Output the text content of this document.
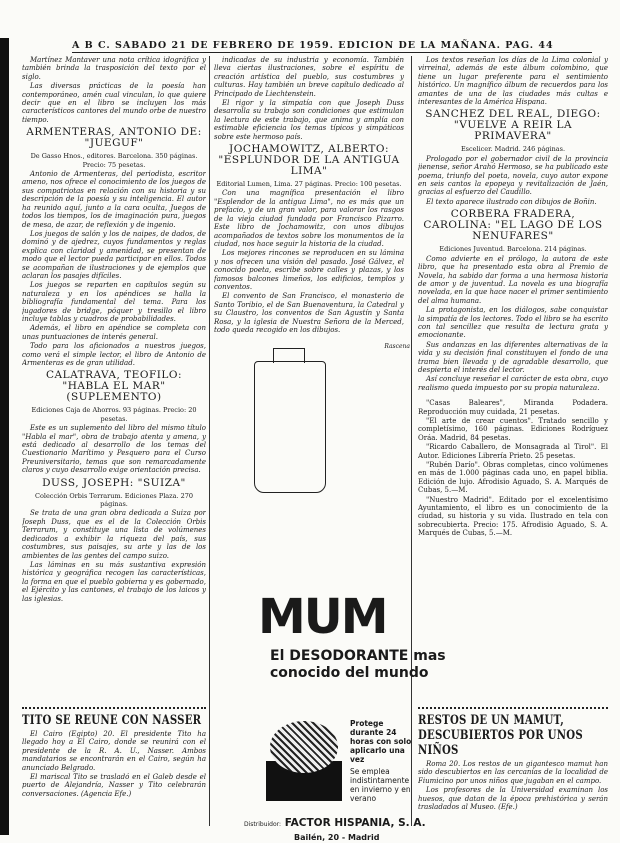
A B C. SABADO 21 DE FEBRERO DE 1959. EDICION DE LA MAÑANA. PAG. 44

Martínez Mantaver una nota crítica idográfica y también brinda la trasposición del texto por el siglo.

Las diversas prácticas de la poesía han contemporáneo, amén cual vinculan, lo que quiere decir que en el libro se incluyen los más característicos cantores del mundo orbe de nuestro tiempo.

ARMENTERAS, ANTONIO DE: "JUEGUF"

De Gasso Hnos., editores. Barcelona. 350 páginas. Precio: 75 pesetas.

Antonio de Armenteras, del periodista, escritor ameno, nos ofrece el conocimiento de los juegos de sus compatriotas en relación con su historia y su descripción de la poesía y su inteligencia. El autor ha reunido aquí, junto a la cara oculta, Juegos de todos los tiempos, los de imaginación pura, juegos de mesa, de azar, de reflexión y de ingenio.

Los juegos de salón y los de naipes, de dados, de dominó y de ajedrez, cuyos fundamentos y reglas explica con claridad y amenidad, se presentan de modo que el lector pueda participar en ellos. Todos se acompañan de ilustraciones y de ejemplos que aclaran los pasajes difíciles.

Los juegos se reparten en capítulos según su naturaleza y en los apéndices se halla la bibliografía fundamental del tema. Para los jugadores de bridge, póquer y tresillo el libro incluye tablas y cuadros de probabilidades.

Además, el libro en apéndice se completa con unas puntuaciones de interés general.

Todo para los aficionados a nuestros juegos, como verá el simple lector, el libro de Antonio de Armenteras es de gran utilidad.

CALATRAVA, TEOFILO: "HABLA EL MAR" (SUPLEMENTO)

Ediciones Caja de Ahorros. 93 páginas. Precio: 20 pesetas.

Este es un suplemento del libro del mismo título "Habla el mar", obra de trabajo atenta y amena, y está dedicado al desarrollo de los temas del Cuestionario Marítimo y Pesquero para el Curso Preuniversitario, temas que son remarcadamente claros y cuyo desarrollo exige orientación precisa.

DUSS, JOSEPH: "SUIZA"

Colección Orbis Terrarum. Ediciones Plaza. 270 páginas.

Se trata de una gran obra dedicada a Suiza por Joseph Duss, que es el de la Colección Orbis Terrarum, y constituye una lista de volúmenes dedicados a exhibir la riqueza del país, sus costumbres, sus paisajes, su arte y las de los ambientes de las gentes del campo suizo.

Las láminas en su más sustantiva expresión histórica y geográfica recogen las características, la forma en que el pueblo gobierna y es gobernado, el Ejército y las cantones, el trabajo de los laicos y las iglesias.

TITO SE REUNE CON NASSER

El Cairo (Egipto) 20. El presidente Tito ha llegado hoy a El Cairo, donde se reunirá con el presidente de la R. A. U., Nasser. Ambos mandatarios se encontrarán en el Cairo, según ha anunciado Belgrado.

El mariscal Tito se trasladó en el Galeb desde el puerto de Alejandría, Nasser y Tito celebrarán conversaciones. (Agencia Efe.)

indicadas de su industria y economía. También lleva ciertas ilustraciones, sobre el espíritu de creación artística del pueblo, sus costumbres y culturas. Hay también un breve capítulo dedicado al Principado de Liechtenstein.

El rigor y la simpatía con que Joseph Duss desarrolla su trabajo son condiciones que estimulan la lectura de este trabajo, que anima y amplía con estimable eficiencia los temas típicos y simpáticos sobre este hermoso país.

JOCHAMOWITZ, ALBERTO: "ESPLUNDOR DE LA ANTIGUA LIMA"

Editorial Lumen, Lima. 27 páginas. Precio: 100 pesetas.

Con una magnífica presentación el libro "Esplendor de la antigua Lima", no es más que un prefacio, y de un gran valor, para valorar los rasgos de la vieja ciudad fundada por Francisco Pizarro. Este libro de Jochamowitz, con unos dibujos acompañados de textos sobre los monumentos de la ciudad, nos hace seguir la historia de la ciudad.

Los mejores rincones se reproducen en su lámina y nos ofrecen una visión del pasado. José Gálvez, el conocido poeta, escribe sobre calles y plazas, y los famosos balcones limeños, los edificios, templos y conventos.

El convento de San Francisco, el monasterio de Santo Toribio, el de San Buenaventura, la Catedral y su Claustro, los conventos de San Agustín y Santa Rosa, y la iglesia de Nuestra Señora de la Merced, todo queda recogido en los dibujos.

Rascena
MUM
El DESODORANTE mas
conocido del mundo
Protege durante 24 horas con solo aplicarlo una vez
Se emplea indistintamente en invierno y en verano
Distribuidor: FACTOR HISPANIA, S. A.
Bailén, 20 - Madrid

Los textos reseñan los días de la Lima colonial y virreinal, además de este álbum colombino, que tiene un lugar preferente para el sentimiento histórico. Un magnífico álbum de recuerdos para los amantes de una de las ciudades más cultas e interesantes de la América Hispana.

SANCHEZ DEL REAL, DIEGO: "VUELVE A REIR LA PRIMAVERA"

Escelicer. Madrid. 246 páginas.

Prologado por el gobernador civil de la provincia jienense, señor Arahó Hermoso, se ha publicado este poema, triunfo del poeta, novela, cuyo autor expone en seis cantos la epopeya y revitalización de Jaén, gracias al esfuerzo del Caudillo.

El texto aparece ilustrado con dibujos de Boñin.

CORBERA FRADERA, CAROLINA: "EL LAGO DE LOS NENUFARES"

Ediciones Juventud. Barcelona. 214 páginas.

Como advierte en el prólogo, la autora de este libro, que ha presentado esta obra al Premio de Novela, ha sabido dar forma a una hermosa historia de amor y de juventud. La novela es una biografía novelada, en la que hace nacer el primer sentimiento del alma humana.

La protagonista, en los diálogos, sabe conquistar la simpatía de los lectores. Todo el libro se ha escrito con tal sencillez que resulta de lectura grata y emocionante.

Sus andanzas en las diferentes alternativas de la vida y su decisión final constituyen el fondo de una trama bien llevada y de agradable desarrollo, que despierta el interés del lector.

Así concluye reseñar el carácter de esta obra, cuyo realismo queda impuesto por su propia naturaleza.

"Casas Baleares", Miranda Podadera. Reproducción muy cuidada, 21 pesetas.

"El arte de crear cuentos". Tratado sencillo y completísimo, 160 páginas. Ediciones Rodríguez Oráa. Madrid, 84 pesetas.

"Ricardo Caballero, de Monsagrada al Tirol". El Autor. Ediciones Librería Prieto. 25 pesetas.

"Rubén Darío". Obras completas, cinco volúmenes en más de 1.000 páginas cada uno, en papel biblia. Edición de lujo. Afrodisio Aguado, S. A. Marqués de Cubas, 5.—M.

"Nuestro Madrid". Editado por el excelentísimo Ayuntamiento, el libro es un conocimiento de la ciudad, su historia y su vida. Ilustrado en tela con sobrecubierta. Precio: 175. Afrodisio Aguado, S. A. Marqués de Cubas, 5.—M.

RESTOS DE UN MAMUT, DESCUBIERTOS POR UNOS NIÑOS

Roma 20. Los restos de un gigantesco mamut han sido descubiertos en las cercanías de la localidad de Fiumicino por unos niños que jugaban en el campo.

Los profesores de la Universidad examinan los huesos, que datan de la época prehistórica y serán trasladados al Museo. (Efe.)
